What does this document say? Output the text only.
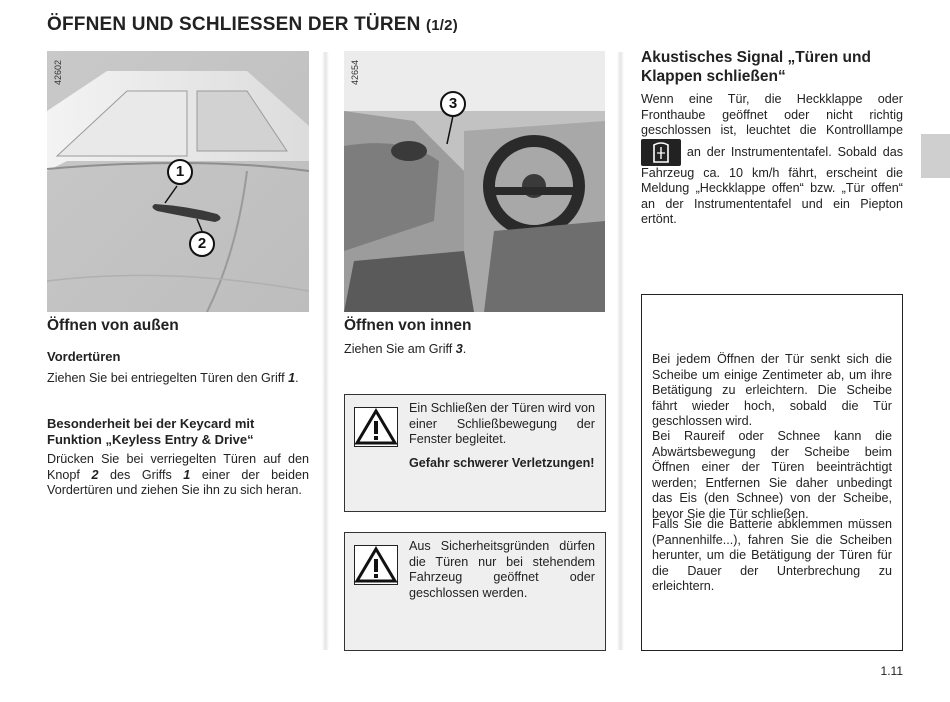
ÖFFNEN UND SCHLIESSEN DER TÜREN (1/2)
1
2
42602
Öffnen von außen
Vordertüren
Ziehen Sie bei entriegelten Türen den Griff 1.
Besonderheit bei der Keycard mit Funktion „Keyless Entry & Drive“
Drücken Sie bei verriegelten Türen auf den Knopf 2 des Griffs 1 einer der beiden Vordertüren und ziehen Sie ihn zu sich heran.
3
42654
Öffnen von innen
Ziehen Sie am Griff 3.
Ein Schließen der Türen wird von einer Schließbewegung der Fenster begleitet.
Gefahr schwerer Verletzungen!
Aus Sicherheitsgründen dürfen die Türen nur bei stehendem Fahrzeug geöffnet oder geschlossen werden.
Akustisches Signal „Türen und Klappen schließen“
Wenn eine Tür, die Heckklappe oder Fronthaube geöffnet oder nicht richtig geschlossen ist, leuchtet die Kontrolllampe  an der Instrumententafel. Sobald das Fahrzeug ca. 10 km/h fährt, erscheint die Meldung „Heckklappe offen“ bzw. „Tür offen“ an der Instrumententafel und ein Piepton ertönt.
Bei jedem Öffnen der Tür senkt sich die Scheibe um einige Zentimeter ab, um ihre Betätigung zu erleichtern. Die Scheibe fährt wieder hoch, sobald die Tür geschlossen wird.
Bei Raureif oder Schnee kann die Abwärtsbewegung der Scheibe beim Öffnen einer der Türen beeinträchtigt werden; Entfernen Sie daher unbedingt das Eis (den Schnee) von der Scheibe, bevor Sie die Tür schließen.
Falls Sie die Batterie abklemmen müssen (Pannenhilfe...), fahren Sie die Scheiben herunter, um die Betätigung der Türen für die Dauer der Unterbrechung zu erleichtern.
1.11
